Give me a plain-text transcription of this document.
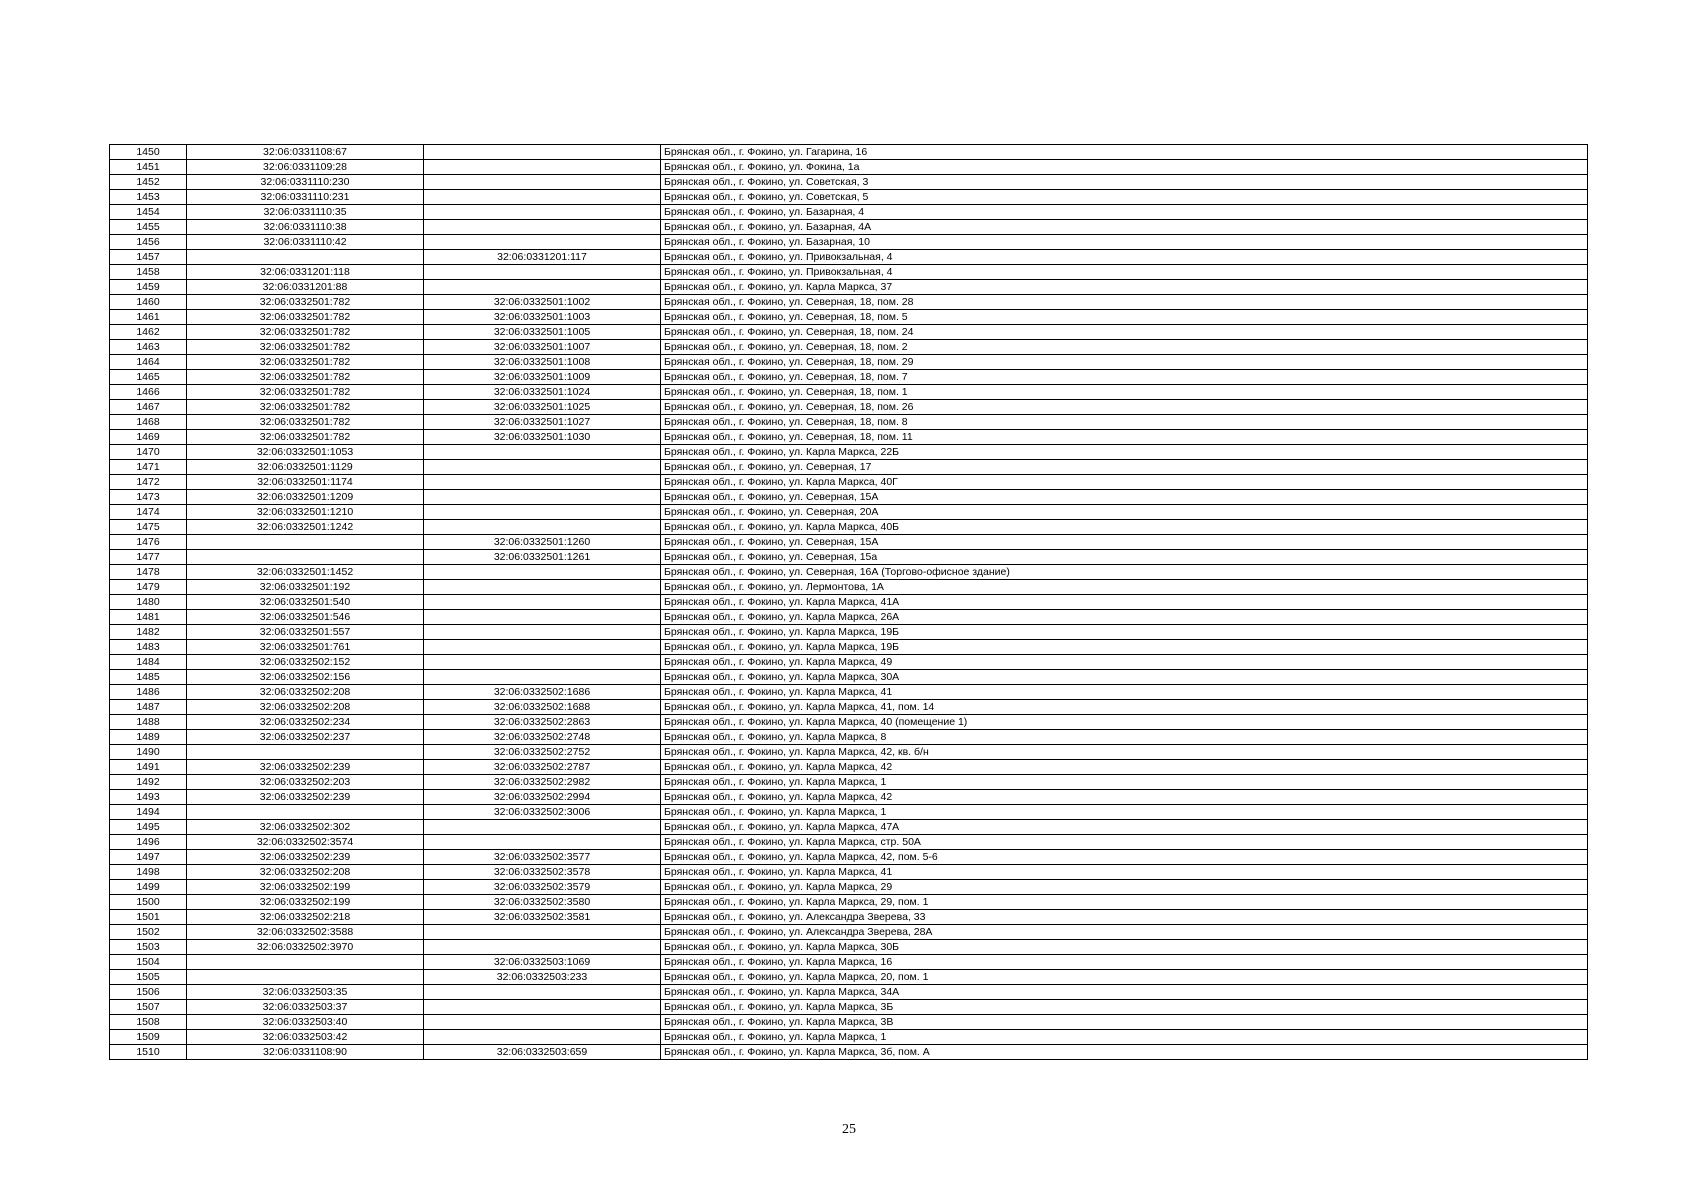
1450	32:06:0331108:67		Брянская обл., г. Фокино, ул. Гагарина, 16
1451	32:06:0331109:28		Брянская обл., г. Фокино, ул. Фокина, 1а
1452	32:06:0331110:230		Брянская обл., г. Фокино, ул. Советская, 3
1453	32:06:0331110:231		Брянская обл., г. Фокино, ул. Советская, 5
1454	32:06:0331110:35		Брянская обл., г. Фокино, ул. Базарная, 4
1455	32:06:0331110:38		Брянская обл., г. Фокино, ул. Базарная, 4А
1456	32:06:0331110:42		Брянская обл., г. Фокино, ул. Базарная, 10
1457		32:06:0331201:117	Брянская обл., г. Фокино, ул. Привокзальная, 4
1458	32:06:0331201:118		Брянская обл., г. Фокино, ул. Привокзальная, 4
1459	32:06:0331201:88		Брянская обл., г. Фокино, ул. Карла Маркса, 37
1460	32:06:0332501:782	32:06:0332501:1002	Брянская обл., г. Фокино, ул. Северная, 18, пом. 28
1461	32:06:0332501:782	32:06:0332501:1003	Брянская обл., г. Фокино, ул. Северная, 18, пом. 5
1462	32:06:0332501:782	32:06:0332501:1005	Брянская обл., г. Фокино, ул. Северная, 18, пом. 24
1463	32:06:0332501:782	32:06:0332501:1007	Брянская обл., г. Фокино, ул. Северная, 18, пом. 2
1464	32:06:0332501:782	32:06:0332501:1008	Брянская обл., г. Фокино, ул. Северная, 18, пом. 29
1465	32:06:0332501:782	32:06:0332501:1009	Брянская обл., г. Фокино, ул. Северная, 18, пом. 7
1466	32:06:0332501:782	32:06:0332501:1024	Брянская обл., г. Фокино, ул. Северная, 18, пом. 1
1467	32:06:0332501:782	32:06:0332501:1025	Брянская обл., г. Фокино, ул. Северная, 18, пом. 26
1468	32:06:0332501:782	32:06:0332501:1027	Брянская обл., г. Фокино, ул. Северная, 18, пом. 8
1469	32:06:0332501:782	32:06:0332501:1030	Брянская обл., г. Фокино, ул. Северная, 18, пом. 11
1470	32:06:0332501:1053		Брянская обл., г. Фокино, ул. Карла Маркса, 22Б
1471	32:06:0332501:1129		Брянская обл., г. Фокино, ул. Северная, 17
1472	32:06:0332501:1174		Брянская обл., г. Фокино, ул. Карла Маркса, 40Г
1473	32:06:0332501:1209		Брянская обл., г. Фокино, ул. Северная, 15А
1474	32:06:0332501:1210		Брянская обл., г. Фокино, ул. Северная, 20А
1475	32:06:0332501:1242		Брянская обл., г. Фокино, ул. Карла Маркса, 40Б
1476		32:06:0332501:1260	Брянская обл., г. Фокино, ул. Северная, 15А
1477		32:06:0332501:1261	Брянская обл., г. Фокино, ул. Северная, 15а
1478	32:06:0332501:1452		Брянская обл., г. Фокино, ул. Северная, 16А (Торгово-офисное здание)
1479	32:06:0332501:192		Брянская обл., г. Фокино, ул. Лермонтова, 1А
1480	32:06:0332501:540		Брянская обл., г. Фокино, ул. Карла Маркса, 41А
1481	32:06:0332501:546		Брянская обл., г. Фокино, ул. Карла Маркса, 26А
1482	32:06:0332501:557		Брянская обл., г. Фокино, ул. Карла Маркса, 19Б
1483	32:06:0332501:761		Брянская обл., г. Фокино, ул. Карла Маркса, 19Б
1484	32:06:0332502:152		Брянская обл., г. Фокино, ул. Карла Маркса, 49
1485	32:06:0332502:156		Брянская обл., г. Фокино, ул. Карла Маркса, 30А
1486	32:06:0332502:208	32:06:0332502:1686	Брянская обл., г. Фокино, ул. Карла Маркса, 41
1487	32:06:0332502:208	32:06:0332502:1688	Брянская обл., г. Фокино, ул. Карла Маркса, 41, пом. 14
1488	32:06:0332502:234	32:06:0332502:2863	Брянская обл., г. Фокино, ул. Карла Маркса, 40 (помещение 1)
1489	32:06:0332502:237	32:06:0332502:2748	Брянская обл., г. Фокино, ул. Карла Маркса, 8
1490		32:06:0332502:2752	Брянская обл., г. Фокино, ул. Карла Маркса, 42, кв. б/н
1491	32:06:0332502:239	32:06:0332502:2787	Брянская обл., г. Фокино, ул. Карла Маркса, 42
1492	32:06:0332502:203	32:06:0332502:2982	Брянская обл., г. Фокино, ул. Карла Маркса, 1
1493	32:06:0332502:239	32:06:0332502:2994	Брянская обл., г. Фокино, ул. Карла Маркса, 42
1494		32:06:0332502:3006	Брянская обл., г. Фокино, ул. Карла Маркса, 1
1495	32:06:0332502:302		Брянская обл., г. Фокино, ул. Карла Маркса, 47А
1496	32:06:0332502:3574		Брянская обл., г. Фокино, ул. Карла Маркса, стр. 50А
1497	32:06:0332502:239	32:06:0332502:3577	Брянская обл., г. Фокино, ул. Карла Маркса, 42, пом. 5-6
1498	32:06:0332502:208	32:06:0332502:3578	Брянская обл., г. Фокино, ул. Карла Маркса, 41
1499	32:06:0332502:199	32:06:0332502:3579	Брянская обл., г. Фокино, ул. Карла Маркса, 29
1500	32:06:0332502:199	32:06:0332502:3580	Брянская обл., г. Фокино, ул. Карла Маркса, 29, пом. 1
1501	32:06:0332502:218	32:06:0332502:3581	Брянская обл., г. Фокино, ул. Александра Зверева, 33
1502	32:06:0332502:3588		Брянская обл., г. Фокино, ул. Александра Зверева, 28А
1503	32:06:0332502:3970		Брянская обл., г. Фокино, ул. Карла Маркса, 30Б
1504		32:06:0332503:1069	Брянская обл., г. Фокино, ул. Карла Маркса, 16
1505		32:06:0332503:233	Брянская обл., г. Фокино, ул. Карла Маркса, 20, пом. 1
1506	32:06:0332503:35		Брянская обл., г. Фокино, ул. Карла Маркса, 34А
1507	32:06:0332503:37		Брянская обл., г. Фокино, ул. Карла Маркса, 3Б
1508	32:06:0332503:40		Брянская обл., г. Фокино, ул. Карла Маркса, 3В
1509	32:06:0332503:42		Брянская обл., г. Фокино, ул. Карла Маркса, 1
1510	32:06:0331108:90	32:06:0332503:659	Брянская обл., г. Фокино, ул. Карла Маркса, 3б, пом. А
25
